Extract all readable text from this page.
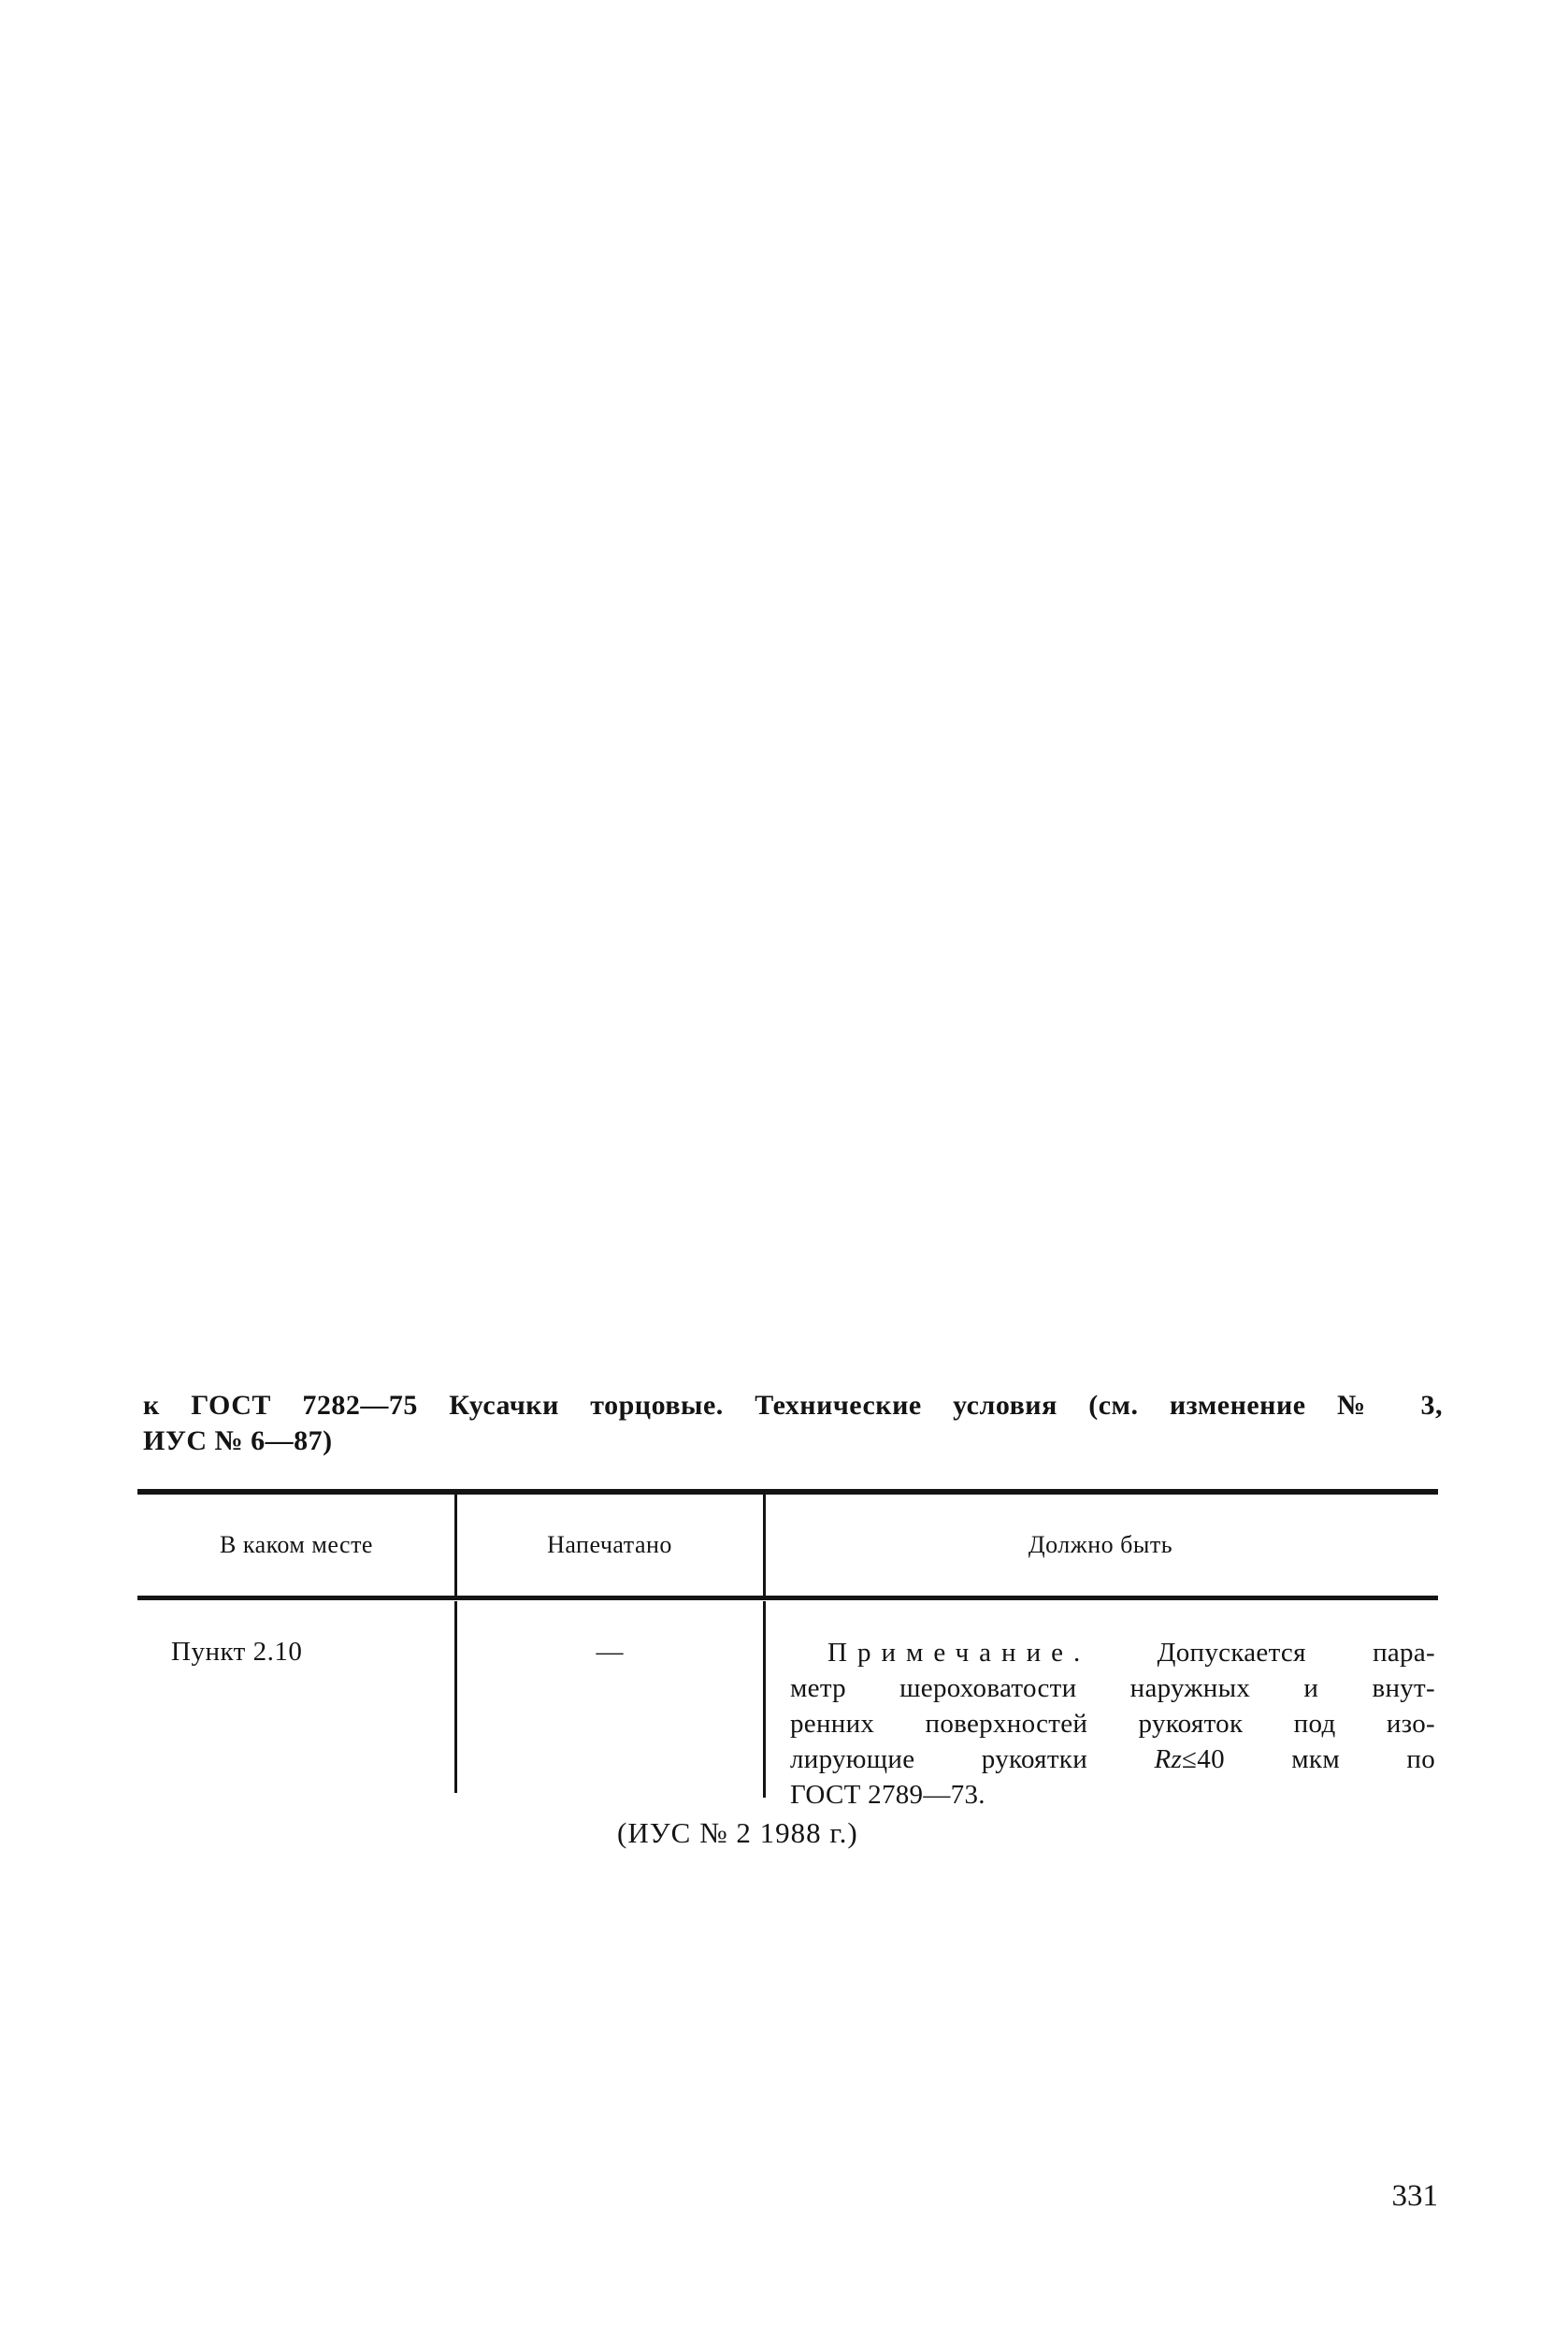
к ГОСТ 7282—75 Кусачки торцовые. Технические условия (см. изменение № 3,
ИУС № 6—87)
В каком месте	Напечатано	Должно быть
Пункт 2.10	—	Примечание. Допускается пара-
метр шероховатости наружных и внут-
ренних поверхностей рукояток под изо-
лирующие рукоятки Rz≤40 мкм по
ГОСТ 2789—73.
(ИУС № 2 1988 г.)
331
